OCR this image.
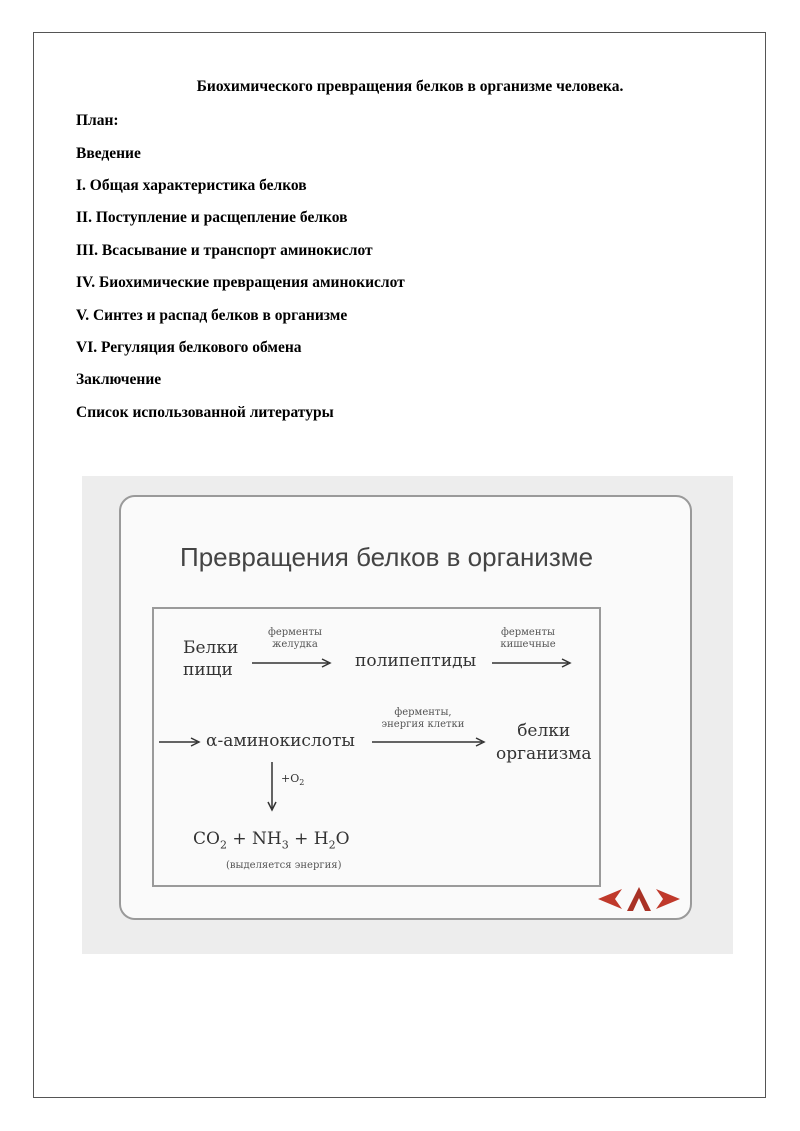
Биохимического превращения белков в организме человека.
План:
Введение
I. Общая характеристика белков
II. Поступление и расщепление белков
III. Всасывание и транспорт аминокислот
IV. Биохимические превращения аминокислот
V. Синтез и распад белков в организме
VI. Регуляция белкового обмена
Заключение
Список использованной литературы
Превращения белков в организме
Белки
пищи
ферменты
желудка
полипептиды
ферменты
кишечные
α-аминокислоты
ферменты,
энергия клетки	белки
организма
$+O_2$
$CO_2 + NH_3 + H_2O$
(выделяется энергия)
